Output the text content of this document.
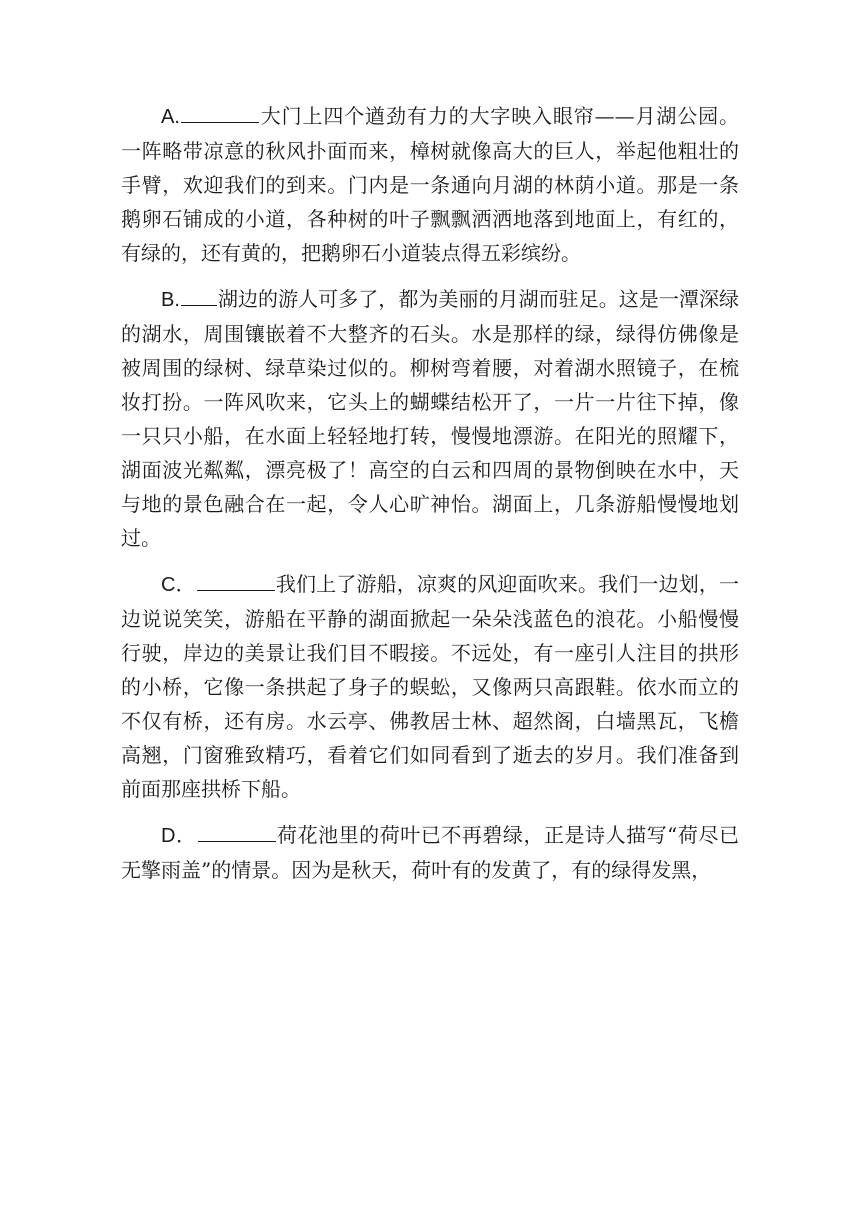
A.	大门上四个遒劲有力的大字映入眼帘——月湖公园。一阵略带凉意的秋风扑面而来，樟树就像高大的巨人，举起他粗壮的手臂，欢迎我们的到来。门内是一条通向月湖的林荫小道。那是一条鹅卵石铺成的小道，各种树的叶子飘飘洒洒地落到地面上，有红的，有绿的，还有黄的，把鹅卵石小道装点得五彩缤纷。

B. 湖边的游人可多了，都为美丽的月湖而驻足。这是一潭深绿的湖水，周围镶嵌着不大整齐的石头。水是那样的绿，绿得仿佛像是被周围的绿树、绿草染过似的。柳树弯着腰，对着湖水照镜子，在梳妆打扮。一阵风吹来，它头上的蝴蝶结松开了，一片一片往下掉，像一只只小船，在水面上轻轻地打转，慢慢地漂游。在阳光的照耀下，湖面波光粼粼，漂亮极了！高空的白云和四周的景物倒映在水中，天与地的景色融合在一起，令人心旷神怡。湖面上，几条游船慢慢地划过。

C．	我们上了游船，凉爽的风迎面吹来。我们一边划，一边说说笑笑，游船在平静的湖面掀起一朵朵浅蓝色的浪花。小船慢慢行驶，岸边的美景让我们目不暇接。不远处，有一座引人注目的拱形的小桥，它像一条拱起了身子的蜈蚣，又像两只高跟鞋。依水而立的不仅有桥，还有房。水云亭、佛教居士林、超然阁，白墙黑瓦，飞檐高翘，门窗雅致精巧，看着它们如同看到了逝去的岁月。我们准备到前面那座拱桥下船。

D．	荷花池里的荷叶已不再碧绿，正是诗人描写“荷尽已无擎雨盖”的情景。因为是秋天，荷叶有的发黄了，有的绿得发黑，
